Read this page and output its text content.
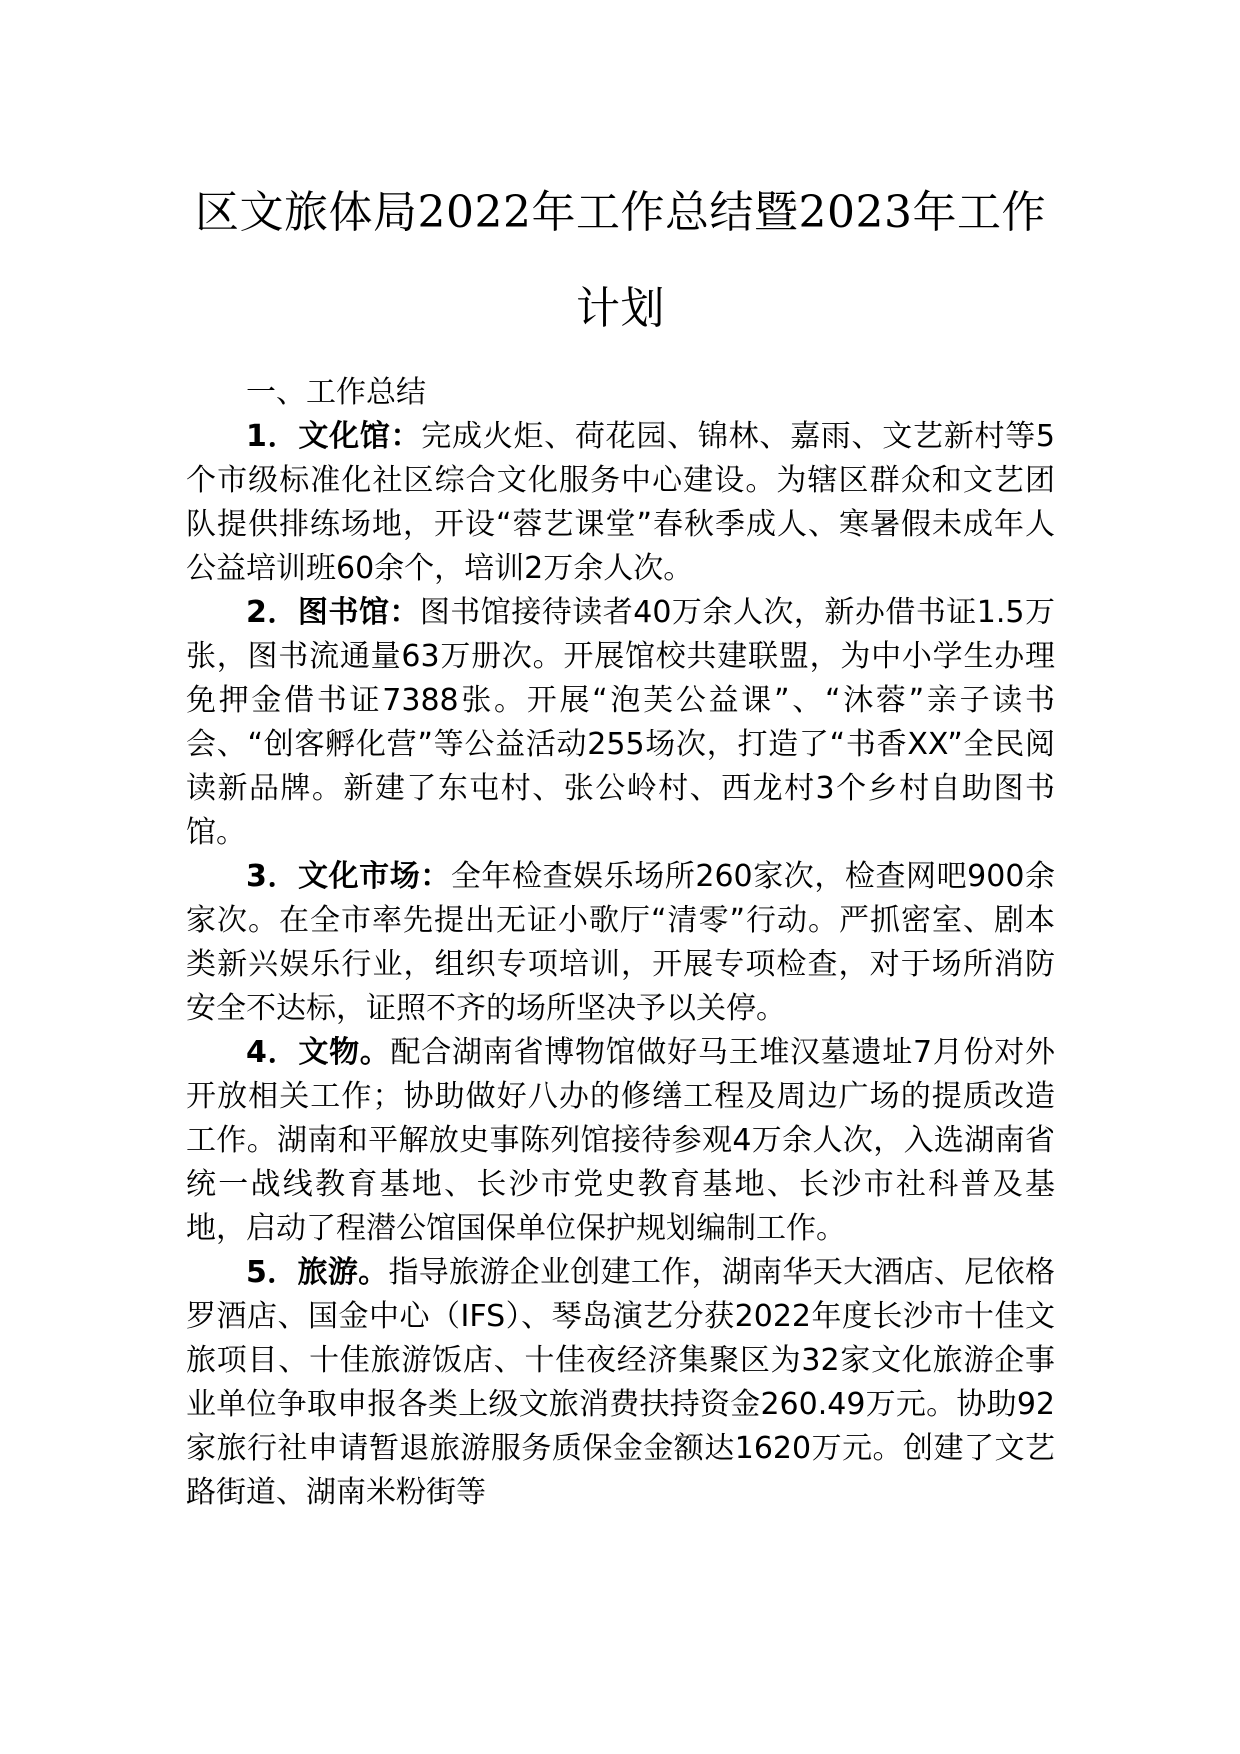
区文旅体局2022年工作总结暨2023年工作
计划

一、工作总结

1．文化馆：完成火炬、荷花园、锦林、嘉雨、文艺新村等5个市级标准化社区综合文化服务中心建设。为辖区群众和文艺团队提供排练场地，开设“蓉艺课堂”春秋季成人、寒暑假未成年人公益培训班60余个，培训2万余人次。

2．图书馆：图书馆接待读者40万余人次，新办借书证1.5万张，图书流通量63万册次。开展馆校共建联盟，为中小学生办理免押金借书证7388张。开展“泡芙公益课”、“沐蓉”亲子读书会、“创客孵化营”等公益活动255场次，打造了“书香XX”全民阅读新品牌。新建了东屯村、张公岭村、西龙村3个乡村自助图书馆。

3．文化市场：全年检查娱乐场所260家次，检查网吧900余家次。在全市率先提出无证小歌厅“清零”行动。严抓密室、剧本类新兴娱乐行业，组织专项培训，开展专项检查，对于场所消防安全不达标，证照不齐的场所坚决予以关停。

4．文物。配合湖南省博物馆做好马王堆汉墓遗址7月份对外开放相关工作；协助做好八办的修缮工程及周边广场的提质改造工作。湖南和平解放史事陈列馆接待参观4万余人次，入选湖南省统一战线教育基地、长沙市党史教育基地、长沙市社科普及基地，启动了程潜公馆国保单位保护规划编制工作。

5．旅游。指导旅游企业创建工作，湖南华天大酒店、尼依格罗酒店、国金中心（IFS）、琴岛演艺分获2022年度长沙市十佳文旅项目、十佳旅游饭店、十佳夜经济集聚区为32家文化旅游企事业单位争取申报各类上级文旅消费扶持资金260.49万元。协助92家旅行社申请暂退旅游服务质保金金额达1620万元。创建了文艺路街道、湖南米粉街等
